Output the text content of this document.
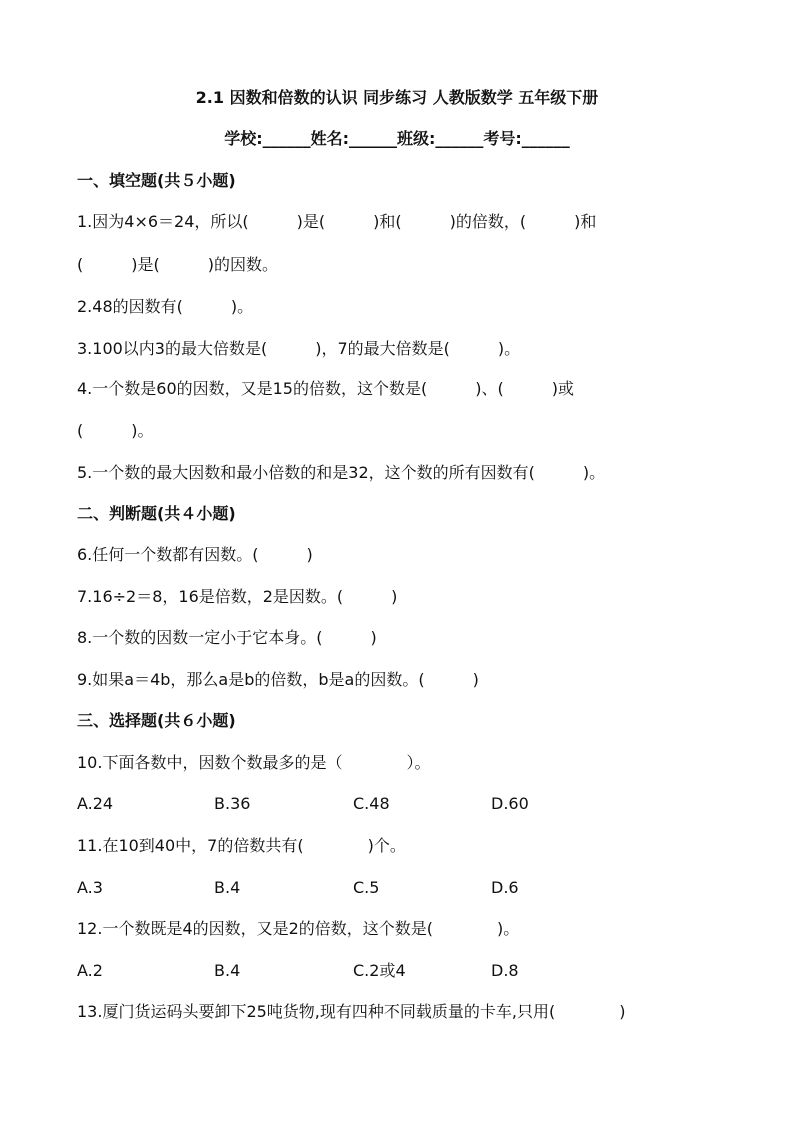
2.1 因数和倍数的认识 同步练习 人教版数学 五年级下册
学校:______姓名:______班级:______考号:______
一、填空题(共５小题)
1.因为4×6＝24，所以(　　　)是(　　　)和(　　　)的倍数，(　　　)和
(　　　)是(　　　)的因数。
2.48的因数有(　　　)。
3.100以内3的最大倍数是(　　　)，7的最大倍数是(　　　)。
4.一个数是60的因数，又是15的倍数，这个数是(　　　)、(　　　)或
(　　　)。
5.一个数的最大因数和最小倍数的和是32，这个数的所有因数有(　　　)。
二、判断题(共４小题)
6.任何一个数都有因数。(　　　)
7.16÷2＝8，16是倍数，2是因数。(　　　)
8.一个数的因数一定小于它本身。(　　　)
9.如果a＝4b，那么a是b的倍数，b是a的因数。(　　　)
三、选择题(共６小题)
10.下面各数中，因数个数最多的是（　　　　）。
A.24	B.36	C.48	D.60
11.在10到40中，7的倍数共有(　　　　)个。
A.3	B.4	C.5	D.6
12.一个数既是4的因数，又是2的倍数，这个数是(　　　　)。
A.2	B.4	C.2或4	D.8
13.厦门货运码头要卸下25吨货物,现有四种不同载质量的卡车,只用(　　　　)
